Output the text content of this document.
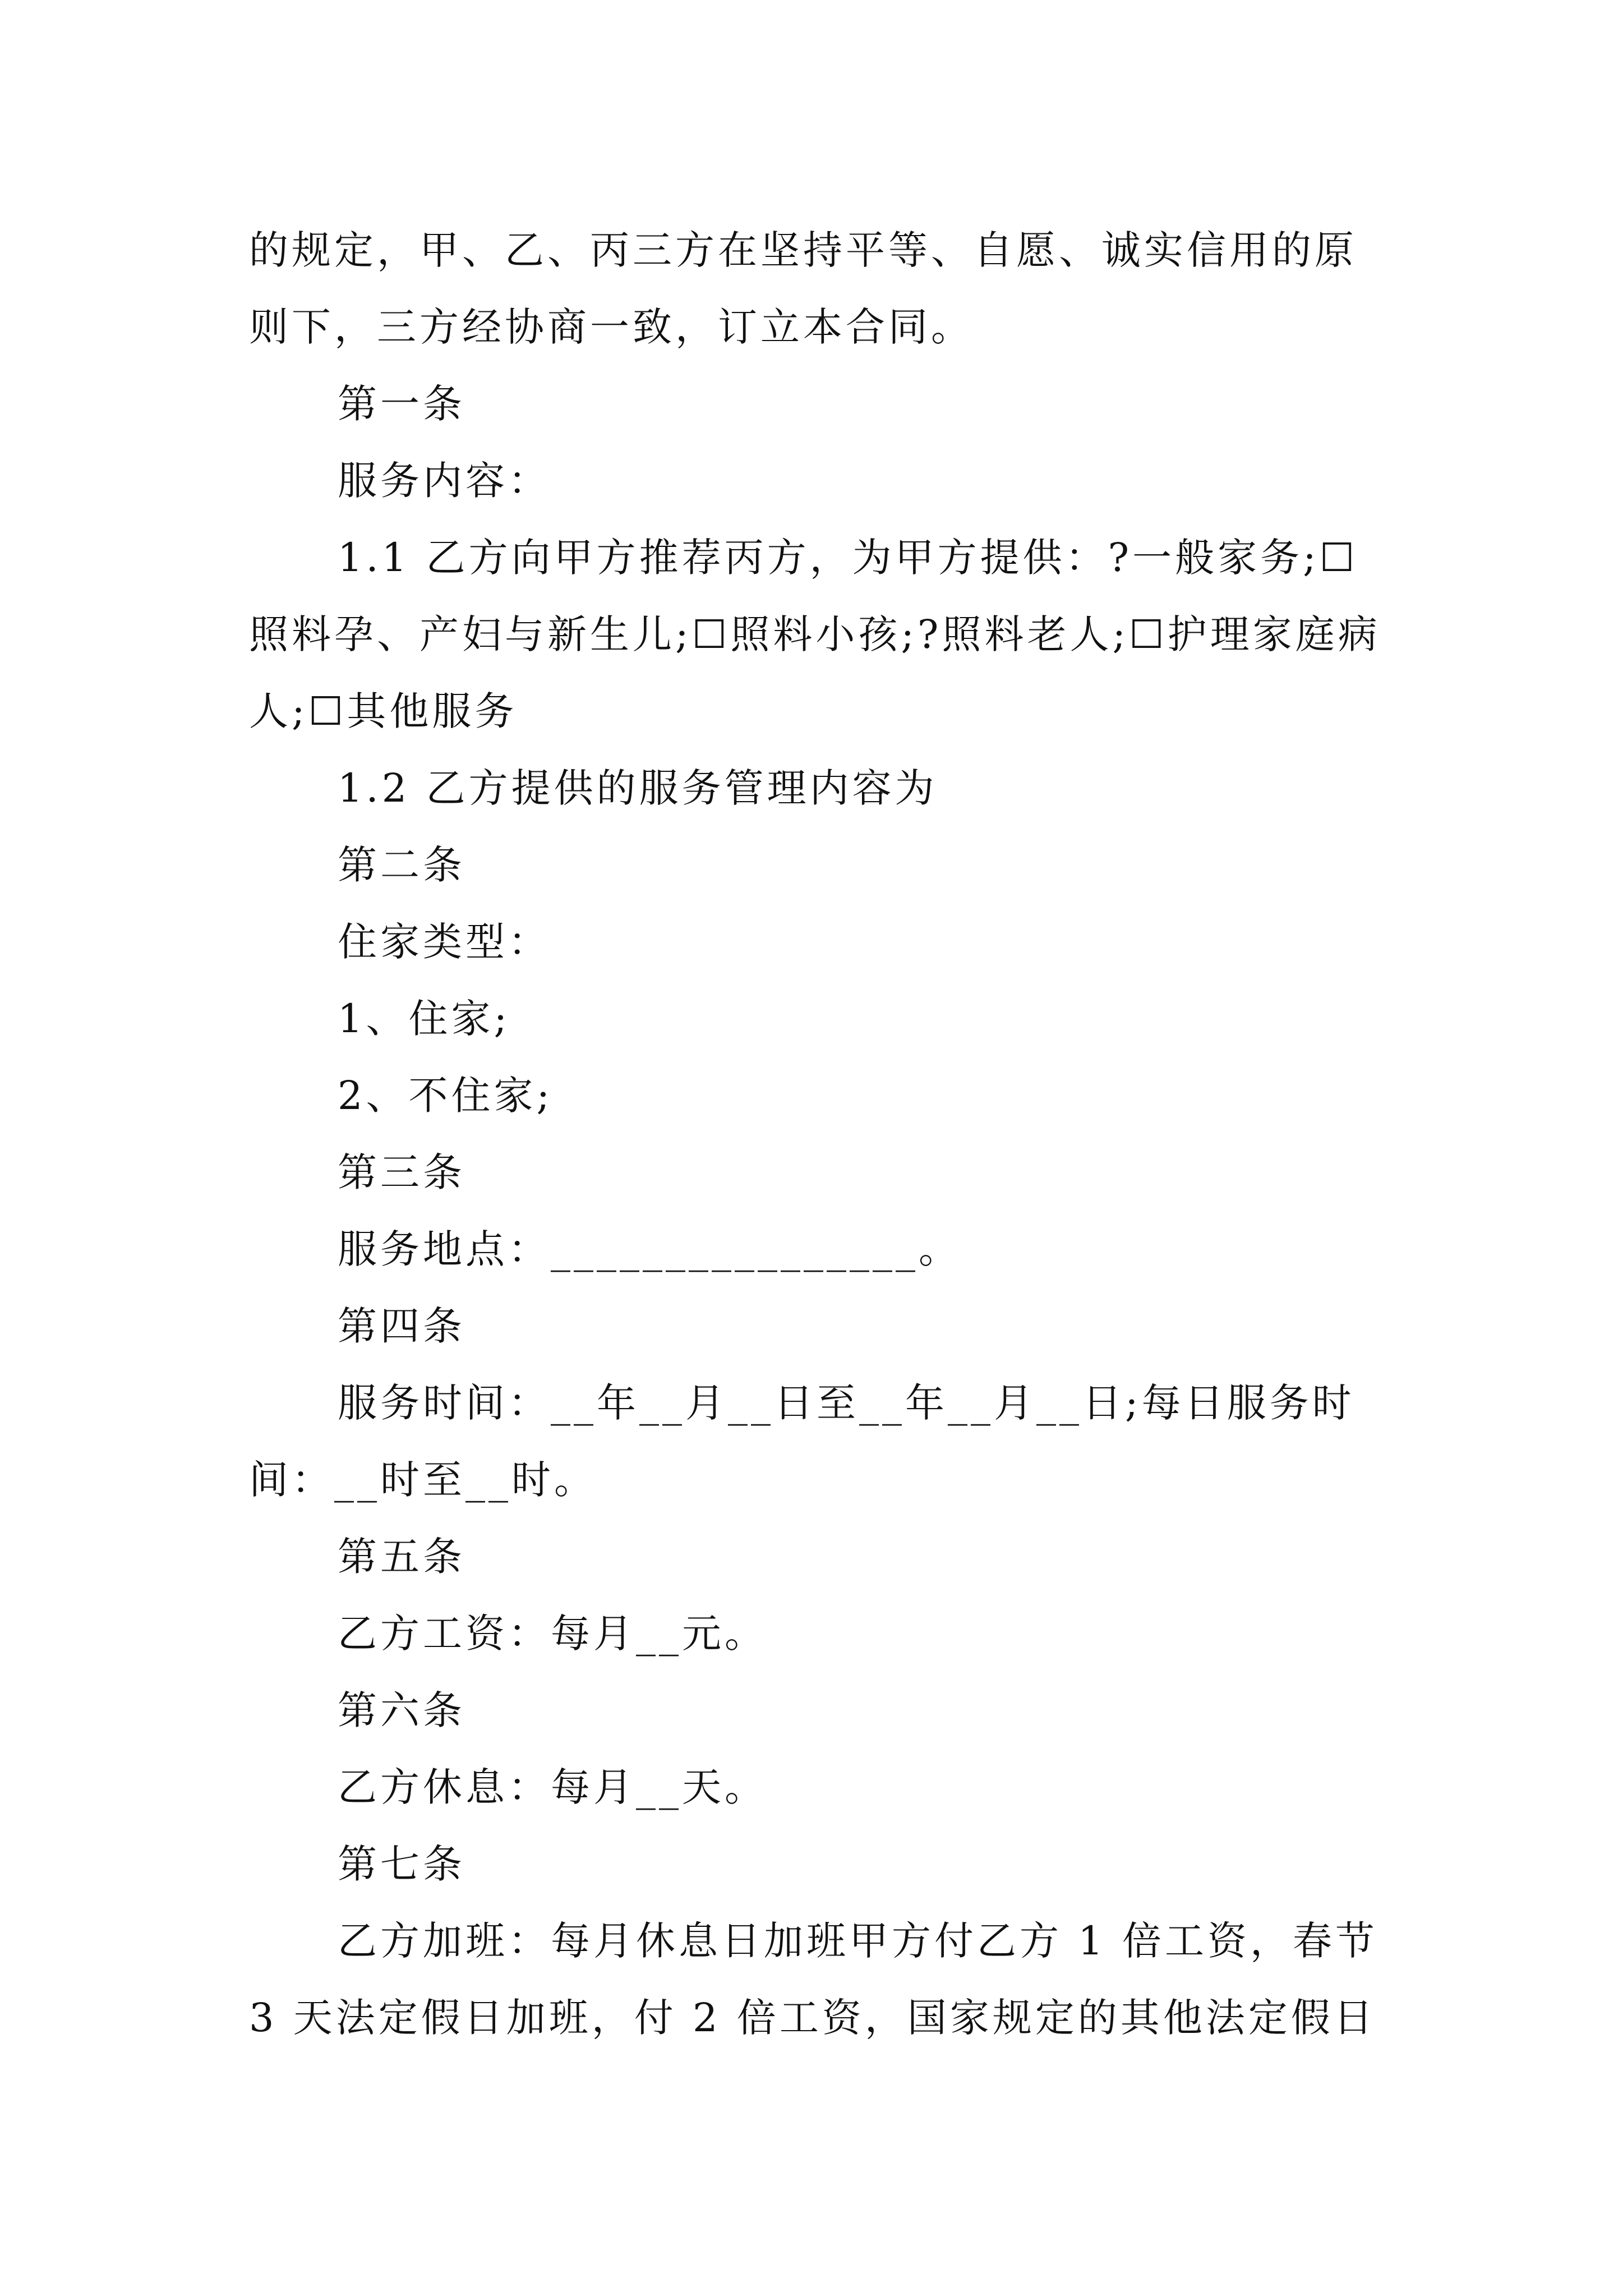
的规定，甲、乙、丙三方在坚持平等、自愿、诚实信用的原则下，三方经协商一致，订立本合同。

第一条

服务内容：

1.1 乙方向甲方推荐丙方，为甲方提供：?一般家务;☐照料孕、产妇与新生儿;☐照料小孩;?照料老人;☐护理家庭病人;☐其他服务

1.2 乙方提供的服务管理内容为

第二条

住家类型：

1、住家;

2、不住家;

第三条

服务地点：________________。

第四条

服务时间：__年__月__日至__年__月__日;每日服务时间：__时至__时。

第五条

乙方工资：每月__元。

第六条

乙方休息：每月__天。

第七条

乙方加班：每月休息日加班甲方付乙方 1 倍工资，春节 3 天法定假日加班，付 2 倍工资，国家规定的其他法定假日
